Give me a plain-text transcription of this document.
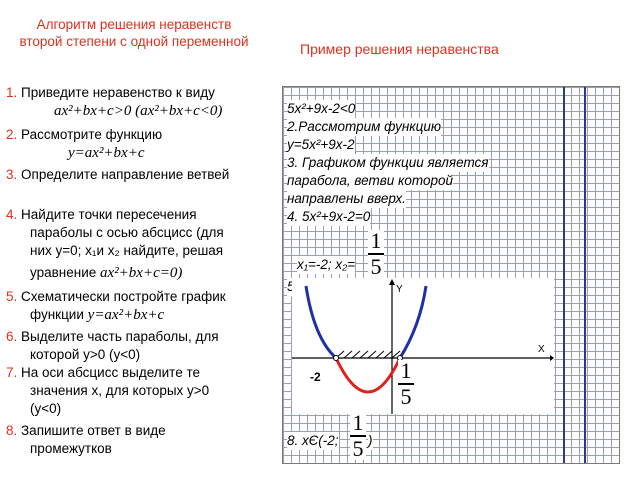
Алгоритм решения неравенств второй степени с одной переменной	Пример решения неравенства
1. Приведите неравенство к виду
ax²+bx+c>0 (ax²+bx+c<0)
2. Рассмотрите функцию
y=ax²+bx+c
3. Определите направление ветвей
4. Найдите точки пересечения
параболы с осью абсцисс (для
них y=0; x₁и x₂ найдите, решая
уравнение ax²+bx+c=0)
5. Схематически постройте график
функции y=ax²+bx+c
6. Выделите часть параболы, для
которой y>0 (y<0)
7. На оси абсцисс выделите те
значения x, для которых y>0
(y<0)
8. Запишите ответ в виде
промежутков
5x²+9x-2<0
2.Рассмотрим функцию
y=5x²+9x-2
3. Графиком функции является
парабола, ветви которой
направлены вверх.
4. 5x²+9x-2=0
1
5
x₁=-2; x₂=
5.	Y
X
-2	1
5
8. xЄ(-2;
1
5 )
